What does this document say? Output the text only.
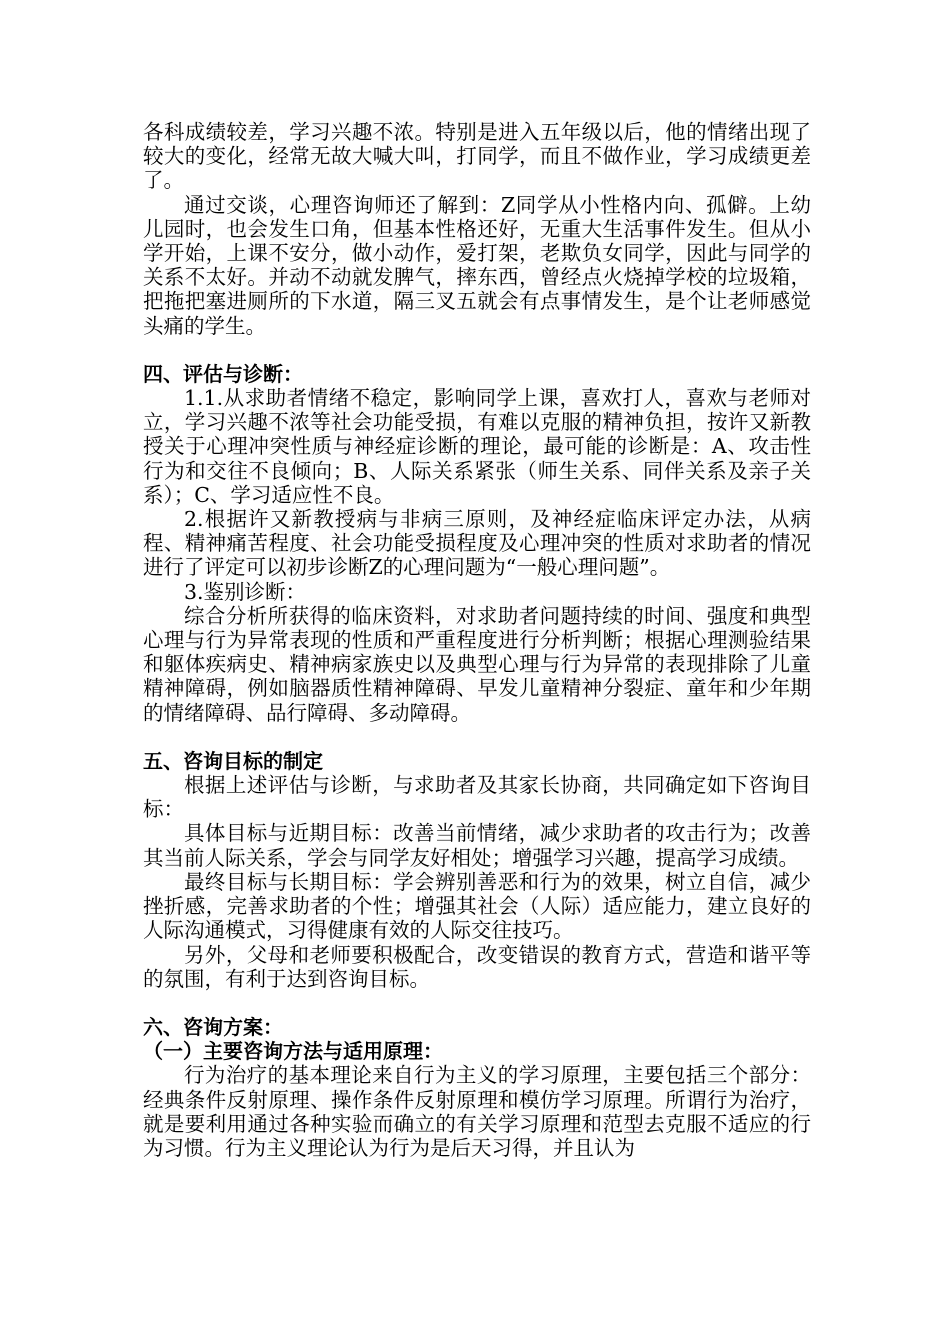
各科成绩较差，学习兴趣不浓。特别是进入五年级以后，他的情绪出现了较大的变化，经常无故大喊大叫，打同学，而且不做作业，学习成绩更差了。

通过交谈，心理咨询师还了解到：Z同学从小性格内向、孤僻。上幼儿园时，也会发生口角，但基本性格还好，无重大生活事件发生。但从小学开始，上课不安分，做小动作，爱打架，老欺负女同学，因此与同学的关系不太好。并动不动就发脾气，摔东西，曾经点火烧掉学校的垃圾箱，把拖把塞进厕所的下水道，隔三叉五就会有点事情发生，是个让老师感觉头痛的学生。

四、评估与诊断：

1.1.从求助者情绪不稳定，影响同学上课，喜欢打人，喜欢与老师对立，学习兴趣不浓等社会功能受损，有难以克服的精神负担，按许又新教授关于心理冲突性质与神经症诊断的理论，最可能的诊断是：A、攻击性行为和交往不良倾向；B、人际关系紧张（师生关系、同伴关系及亲子关系）；C、学习适应性不良。

2.根据许又新教授病与非病三原则，及神经症临床评定办法，从病程、精神痛苦程度、社会功能受损程度及心理冲突的性质对求助者的情况进行了评定可以初步诊断Z的心理问题为“一般心理问题”。

3.鉴别诊断：

综合分析所获得的临床资料，对求助者问题持续的时间、强度和典型心理与行为异常表现的性质和严重程度进行分析判断；根据心理测验结果和躯体疾病史、精神病家族史以及典型心理与行为异常的表现排除了儿童精神障碍，例如脑器质性精神障碍、早发儿童精神分裂症、童年和少年期的情绪障碍、品行障碍、多动障碍。

五、咨询目标的制定

根据上述评估与诊断，与求助者及其家长协商，共同确定如下咨询目标：

具体目标与近期目标：改善当前情绪，减少求助者的攻击行为；改善其当前人际关系，学会与同学友好相处；增强学习兴趣，提高学习成绩。

最终目标与长期目标：学会辨别善恶和行为的效果，树立自信，减少挫折感，完善求助者的个性；增强其社会（人际）适应能力，建立良好的人际沟通模式，习得健康有效的人际交往技巧。

另外，父母和老师要积极配合，改变错误的教育方式，营造和谐平等的氛围，有利于达到咨询目标。

六、咨询方案：
（一）主要咨询方法与适用原理：

行为治疗的基本理论来自行为主义的学习原理，主要包括三个部分：经典条件反射原理、操作条件反射原理和模仿学习原理。所谓行为治疗，就是要利用通过各种实验而确立的有关学习原理和范型去克服不适应的行为习惯。行为主义理论认为行为是后天习得，并且认为
